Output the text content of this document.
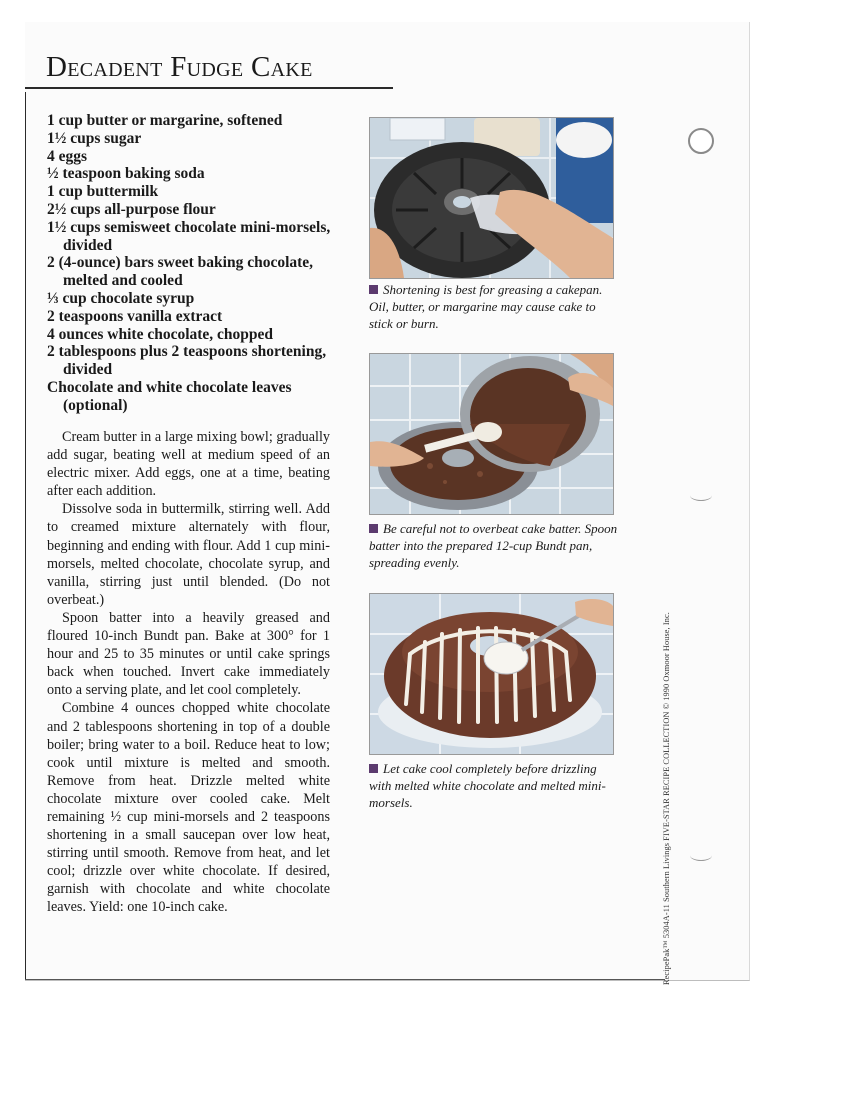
Decadent Fudge Cake
1 cup butter or margarine, softened
1½ cups sugar
4 eggs
½ teaspoon baking soda
1 cup buttermilk
2½ cups all-purpose flour
1½ cups semisweet chocolate mini-morsels, divided
2 (4-ounce) bars sweet baking chocolate, melted and cooled
⅓ cup chocolate syrup
2 teaspoons vanilla extract
4 ounces white chocolate, chopped
2 tablespoons plus 2 teaspoons shortening, divided
Chocolate and white chocolate leaves (optional)

Cream butter in a large mixing bowl; gradually add sugar, beating well at medium speed of an electric mixer. Add eggs, one at a time, beating after each addition.

Dissolve soda in buttermilk, stirring well. Add to creamed mixture alternately with flour, beginning and ending with flour. Add 1 cup mini-morsels, melted chocolate, chocolate syrup, and vanilla, stirring just until blended. (Do not overbeat.)

Spoon batter into a heavily greased and floured 10-inch Bundt pan. Bake at 300° for 1 hour and 25 to 35 minutes or until cake springs back when touched. Invert cake immediately onto a serving plate, and let cool completely.

Combine 4 ounces chopped white chocolate and 2 tablespoons shortening in top of a double boiler; bring water to a boil. Reduce heat to low; cook until mixture is melted and smooth. Remove from heat. Drizzle melted white chocolate mixture over cooled cake. Melt remaining ½ cup mini-morsels and 2 teaspoons shortening in a small saucepan over low heat, stirring until smooth. Remove from heat, and let cool; drizzle over white chocolate. If desired, garnish with chocolate and white chocolate leaves. Yield: one 10-inch cake.

Shortening is best for greasing a cakepan. Oil, butter, or margarine may cause cake to stick or burn.
Be careful not to overbeat cake batter. Spoon batter into the prepared 12-cup Bundt pan, spreading evenly.
Let cake cool completely before drizzling with melted white chocolate and melted mini-morsels.	RecipePak™ 5304A-11 Southern Livings FIVE-STAR RECIPE COLLECTION © 1990 Oxmoor House, Inc.
